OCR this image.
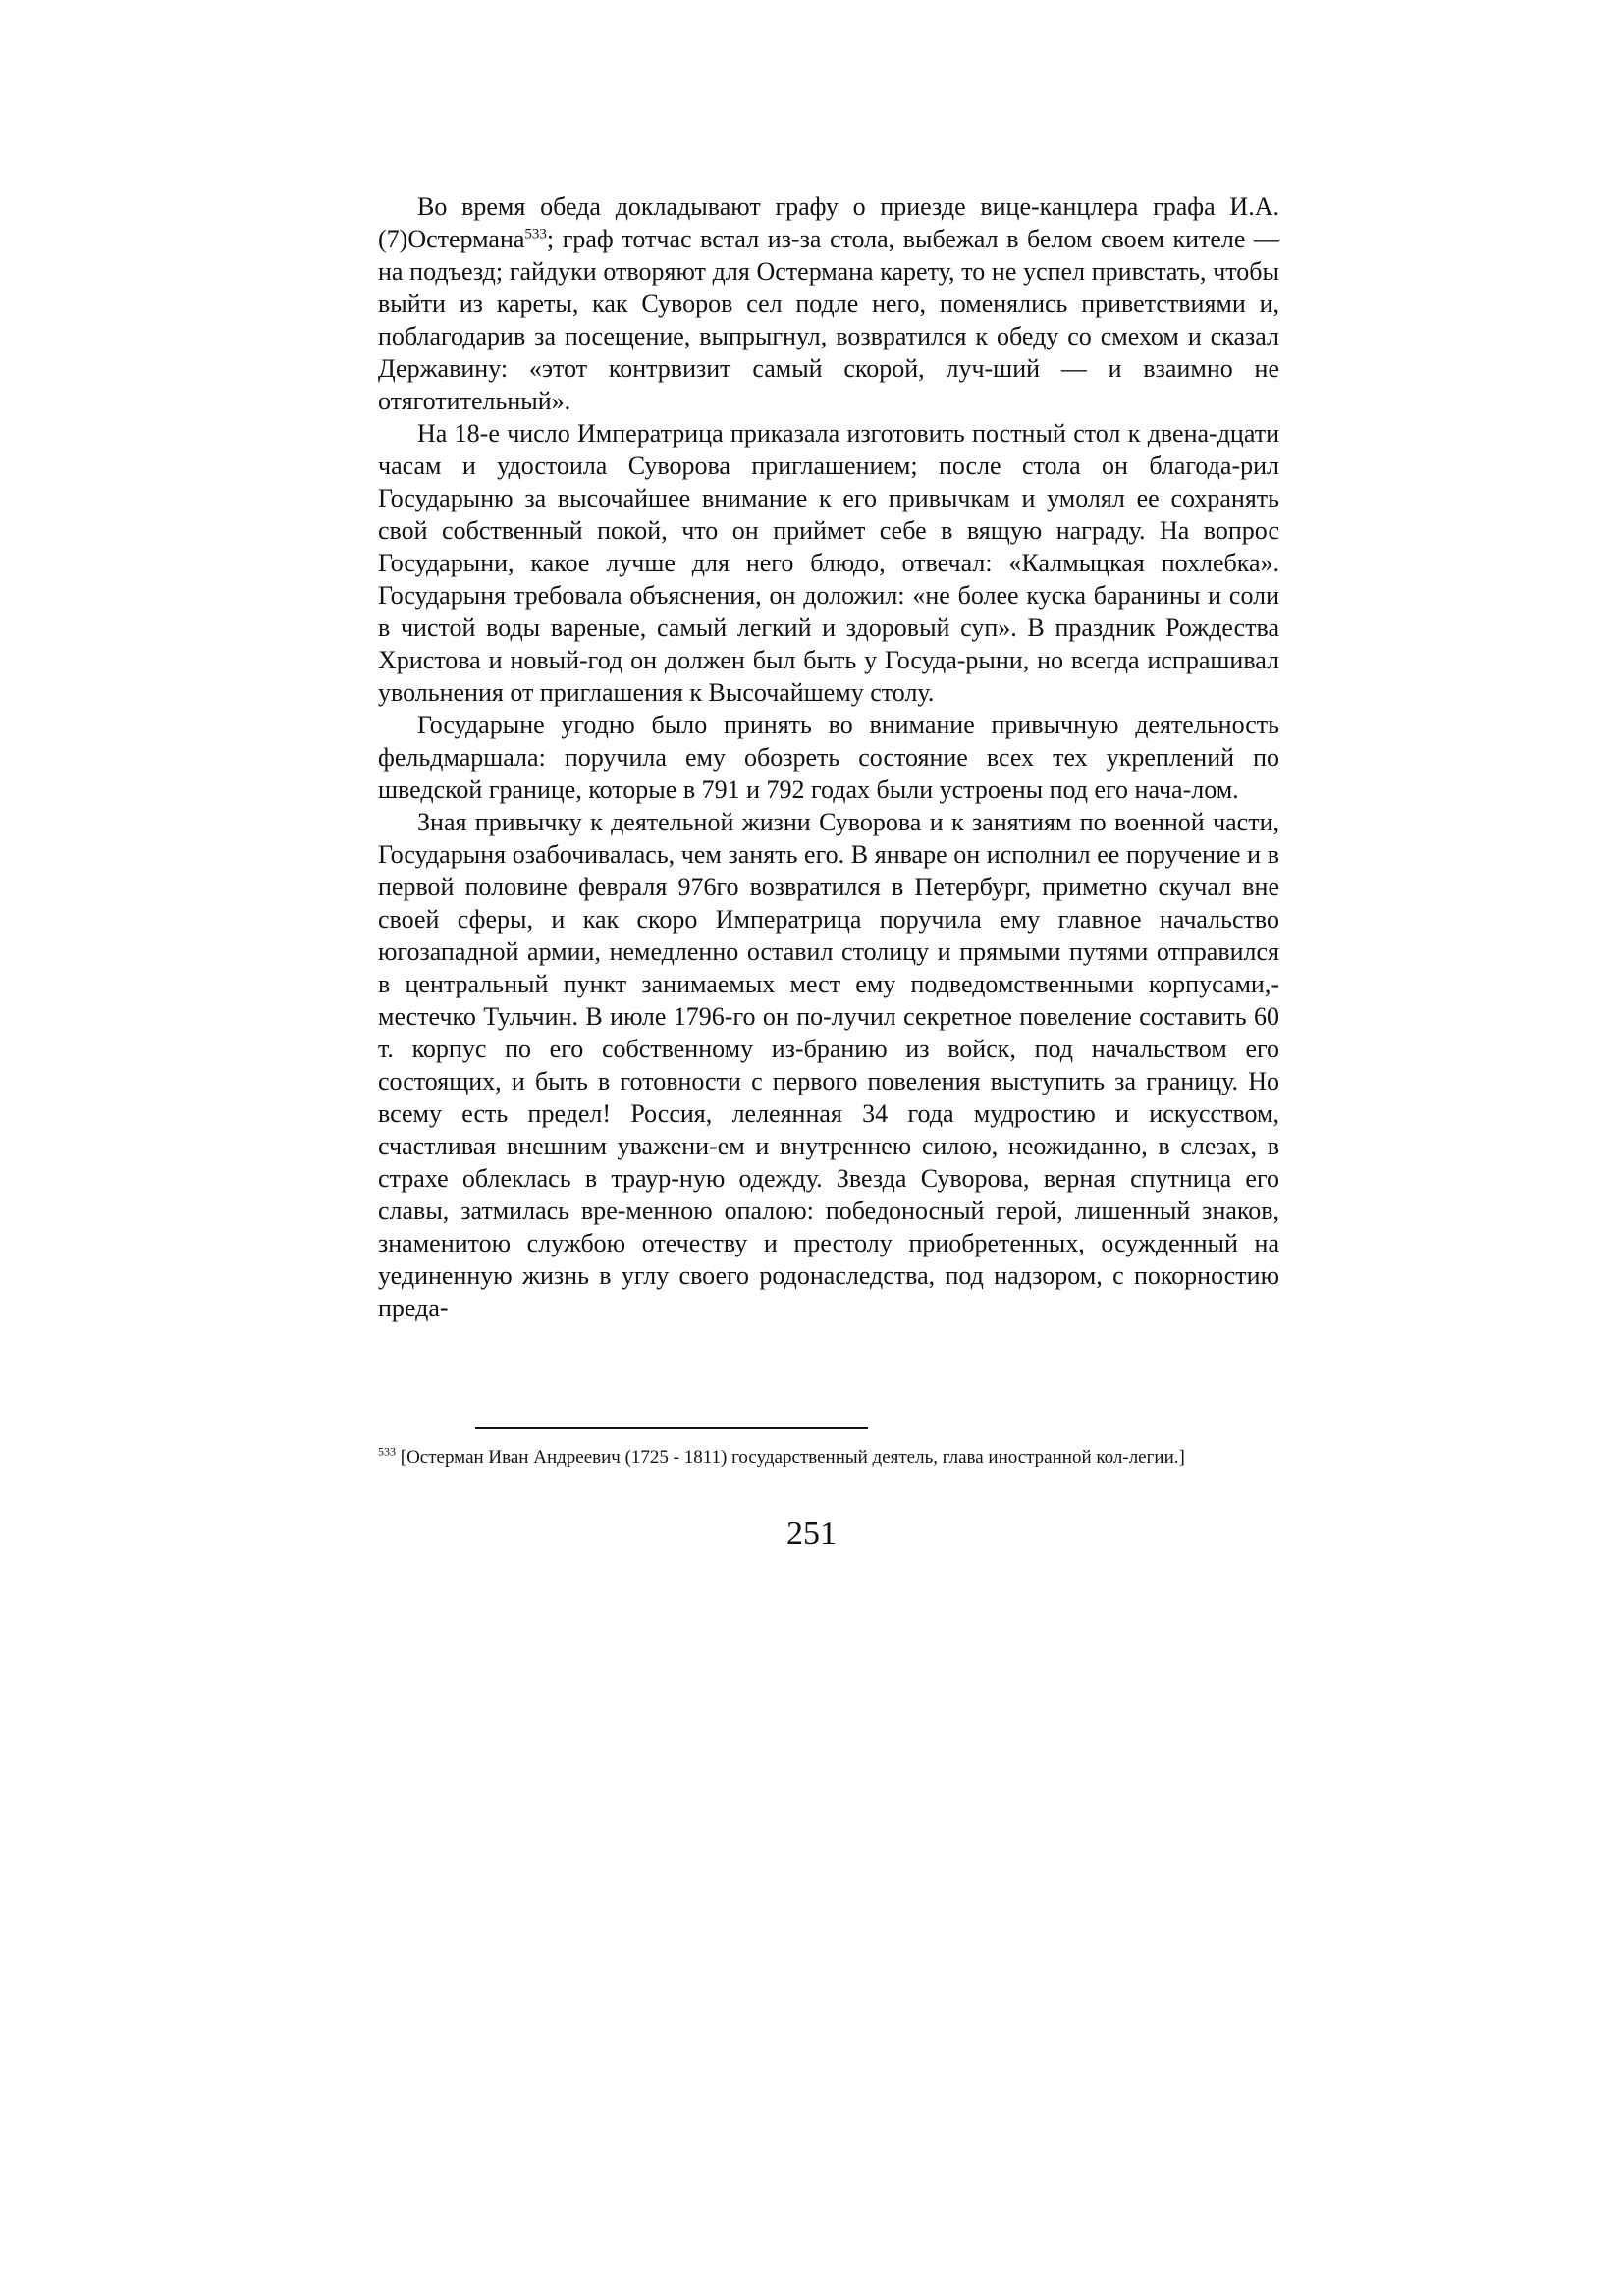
Во время обеда докладывают графу о приезде вице-канцлера графа И.А.(7)Остермана$^{533}$; граф тотчас встал из-за стола, выбежал в белом своем кителе — на подъезд; гайдуки отворяют для Остермана карету, то не успел привстать, чтобы выйти из кареты, как Суворов сел подле него, поменялись приветствиями и, поблагодарив за посещение, выпрыгнул, возвратился к обеду со смехом и сказал Державину: «этот контрвизит самый скорой, луч-ший — и взаимно не отяготительный».

На 18-е число Императрица приказала изготовить постный стол к двена-дцати часам и удостоила Суворова приглашением; после стола он благода-рил Государыню за высочайшее внимание к его привычкам и умолял ее сохранять свой собственный покой, что он приймет себе в вящую награду. На вопрос Государыни, какое лучше для него блюдо, отвечал: «Калмыцкая похлебка». Государыня требовала объяснения, он доложил: «не более куска баранины и соли в чистой воды вареные, самый легкий и здоровый суп». В праздник Рождества Христова и новый-год он должен был быть у Госуда-рыни, но всегда испрашивал увольнения от приглашения к Высочайшему столу.

Государыне угодно было принять во внимание привычную деятельность фельдмаршала: поручила ему обозреть состояние всех тех укреплений по шведской границе, которые в 791 и 792 годах были устроены под его нача-лом.

Зная привычку к деятельной жизни Суворова и к занятиям по военной части, Государыня озабочивалась, чем занять его. В январе он исполнил ее поручение и в первой половине февраля 976го возвратился в Петербург, приметно скучал вне своей сферы, и как скоро Императрица поручила ему главное начальство югозападной армии, немедленно оставил столицу и прямыми путями отправился в центральный пункт занимаемых мест ему подведомственными корпусами,- местечко Тульчин. В июле 1796-го он по-лучил секретное повеление составить 60 т. корпус по его собственному из-бранию из войск, под начальством его состоящих, и быть в готовности с первого повеления выступить за границу. Но всему есть предел! Россия, лелеянная 34 года мудростию и искусством, счастливая внешним уважени-ем и внутреннею силою, неожиданно, в слезах, в страхе облеклась в траур-ную одежду. Звезда Суворова, верная спутница его славы, затмилась вре-менною опалою: победоносный герой, лишенный знаков, знаменитою службою отечеству и престолу приобретенных, осужденный на уединенную жизнь в углу своего родонаследства, под надзором, с покорностию преда-

$^{533}$ [Остерман Иван Андреевич (1725 - 1811) государственный деятель, глава иностранной кол-легии.]

251
